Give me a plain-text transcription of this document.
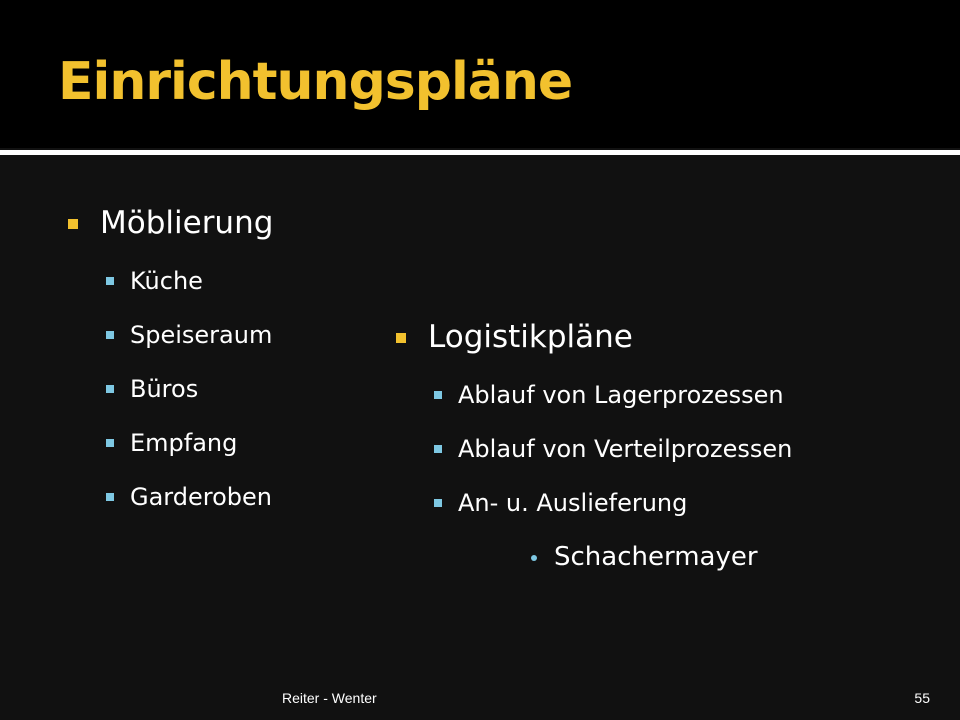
Einrichtungspläne
Möblierung
Küche
Speiseraum
Büros
Empfang
Garderoben
Logistikpläne
Ablauf von Lagerprozessen
Ablauf von Verteilprozessen
An- u. Auslieferung
Schachermayer
Reiter - Wenter	55
